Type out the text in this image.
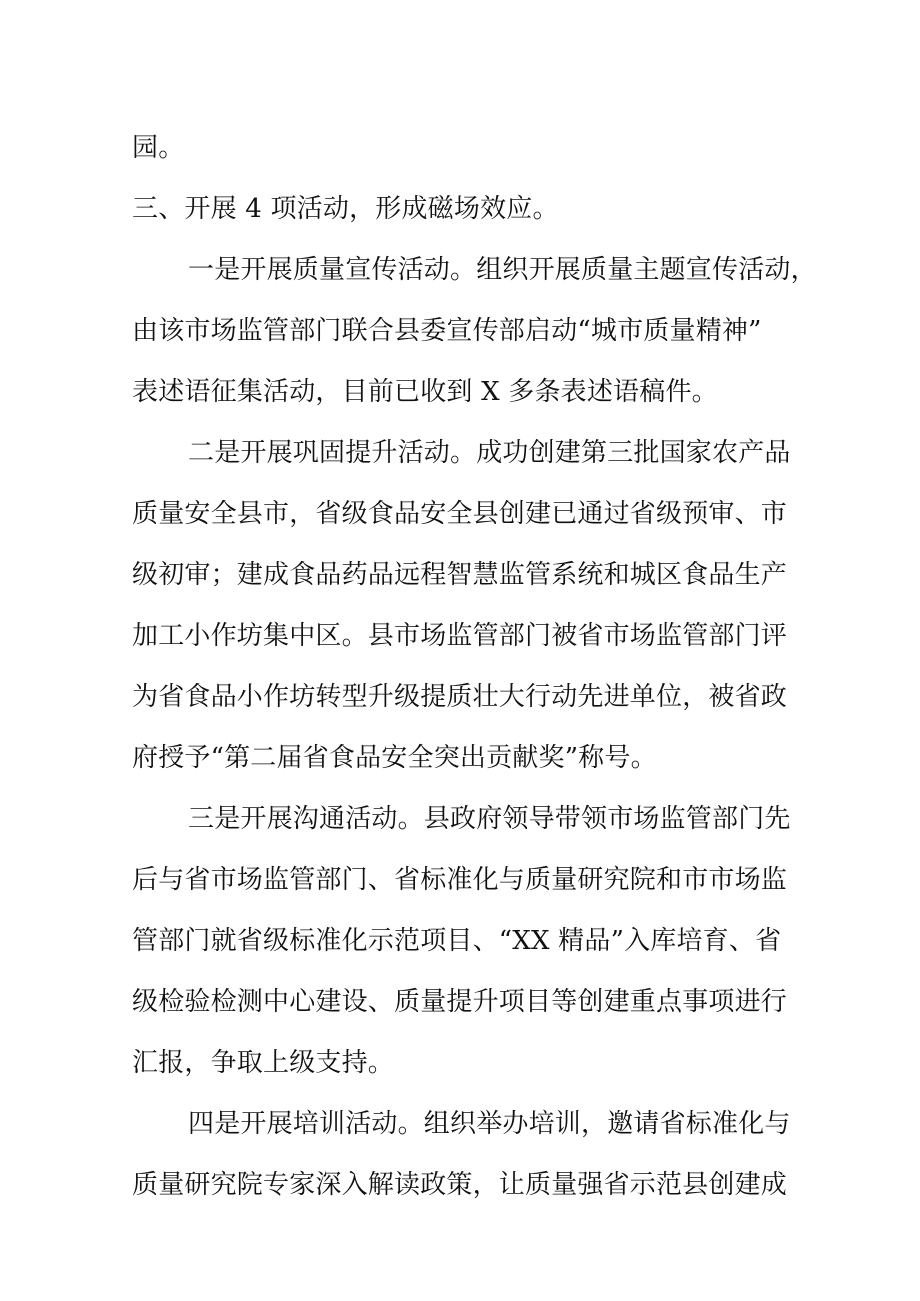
园。
三、开展 4 项活动，形成磁场效应。
一是开展质量宣传活动。组织开展质量主题宣传活动，
由该市场监管部门联合县委宣传部启动“城市质量精神”
表述语征集活动，目前已收到 X 多条表述语稿件。
二是开展巩固提升活动。成功创建第三批国家农产品
质量安全县市，省级食品安全县创建已通过省级预审、市
级初审；建成食品药品远程智慧监管系统和城区食品生产
加工小作坊集中区。县市场监管部门被省市场监管部门评
为省食品小作坊转型升级提质壮大行动先进单位，被省政
府授予“第二届省食品安全突出贡献奖”称号。
三是开展沟通活动。县政府领导带领市场监管部门先
后与省市场监管部门、省标准化与质量研究院和市市场监
管部门就省级标准化示范项目、“XX 精品”入库培育、省
级检验检测中心建设、质量提升项目等创建重点事项进行
汇报，争取上级支持。
四是开展培训活动。组织举办培训，邀请省标准化与
质量研究院专家深入解读政策，让质量强省示范县创建成
